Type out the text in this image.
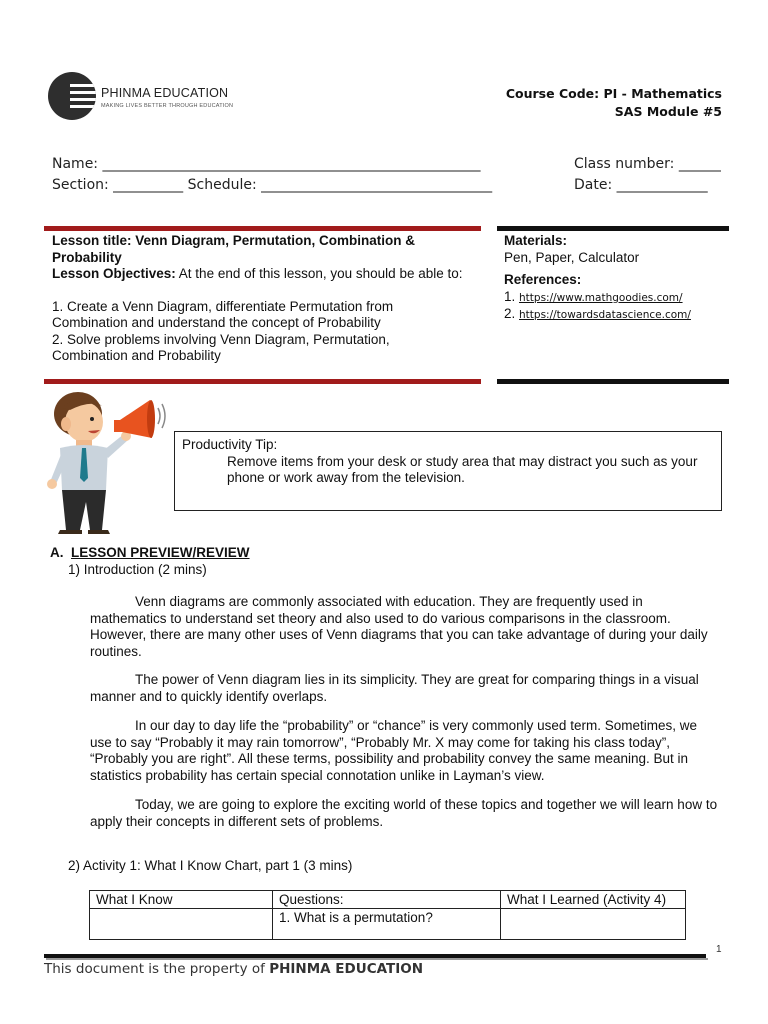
PHINMA EDUCATION
MAKING LIVES BETTER THROUGH EDUCATION
Course Code: PI - Mathematics
SAS Module #5
Name: ______________________________________________________	Class number: ______
Section: __________ Schedule: _________________________________	Date: _____________
Lesson title: Venn Diagram, Permutation, Combination &
Probability
Lesson Objectives: At the end of this lesson, you should be able to:
1. Create a Venn Diagram, differentiate Permutation from Combination and understand the concept of Probability
2. Solve problems involving Venn Diagram, Permutation, Combination and Probability
Materials:
Pen, Paper, Calculator
References:
1. https://www.mathgoodies.com/
2. https://towardsdatascience.com/
Productivity Tip:
Remove items from your desk or study area that may distract you such as your phone or work away from the television.
A. LESSON PREVIEW/REVIEW
1) Introduction (2 mins)
Venn diagrams are commonly associated with education. They are frequently used in mathematics to understand set theory and also used to do various comparisons in the classroom. However, there are many other uses of Venn diagrams that you can take advantage of during your daily routines.
The power of Venn diagram lies in its simplicity. They are great for comparing things in a visual manner and to quickly identify overlaps.
In our day to day life the “probability” or “chance” is very commonly used term. Sometimes, we use to say “Probably it may rain tomorrow”, “Probably Mr. X may come for taking his class today”, “Probably you are right”. All these terms, possibility and probability convey the same meaning. But in statistics probability has certain special connotation unlike in Layman’s view.
Today, we are going to explore the exciting world of these topics and together we will learn how to apply their concepts in different sets of problems.
2) Activity 1: What I Know Chart, part 1 (3 mins)
What I Know	Questions:	What I Learned (Activity 4)
	1. What is a permutation?	
1
This document is the property of PHINMA EDUCATION
